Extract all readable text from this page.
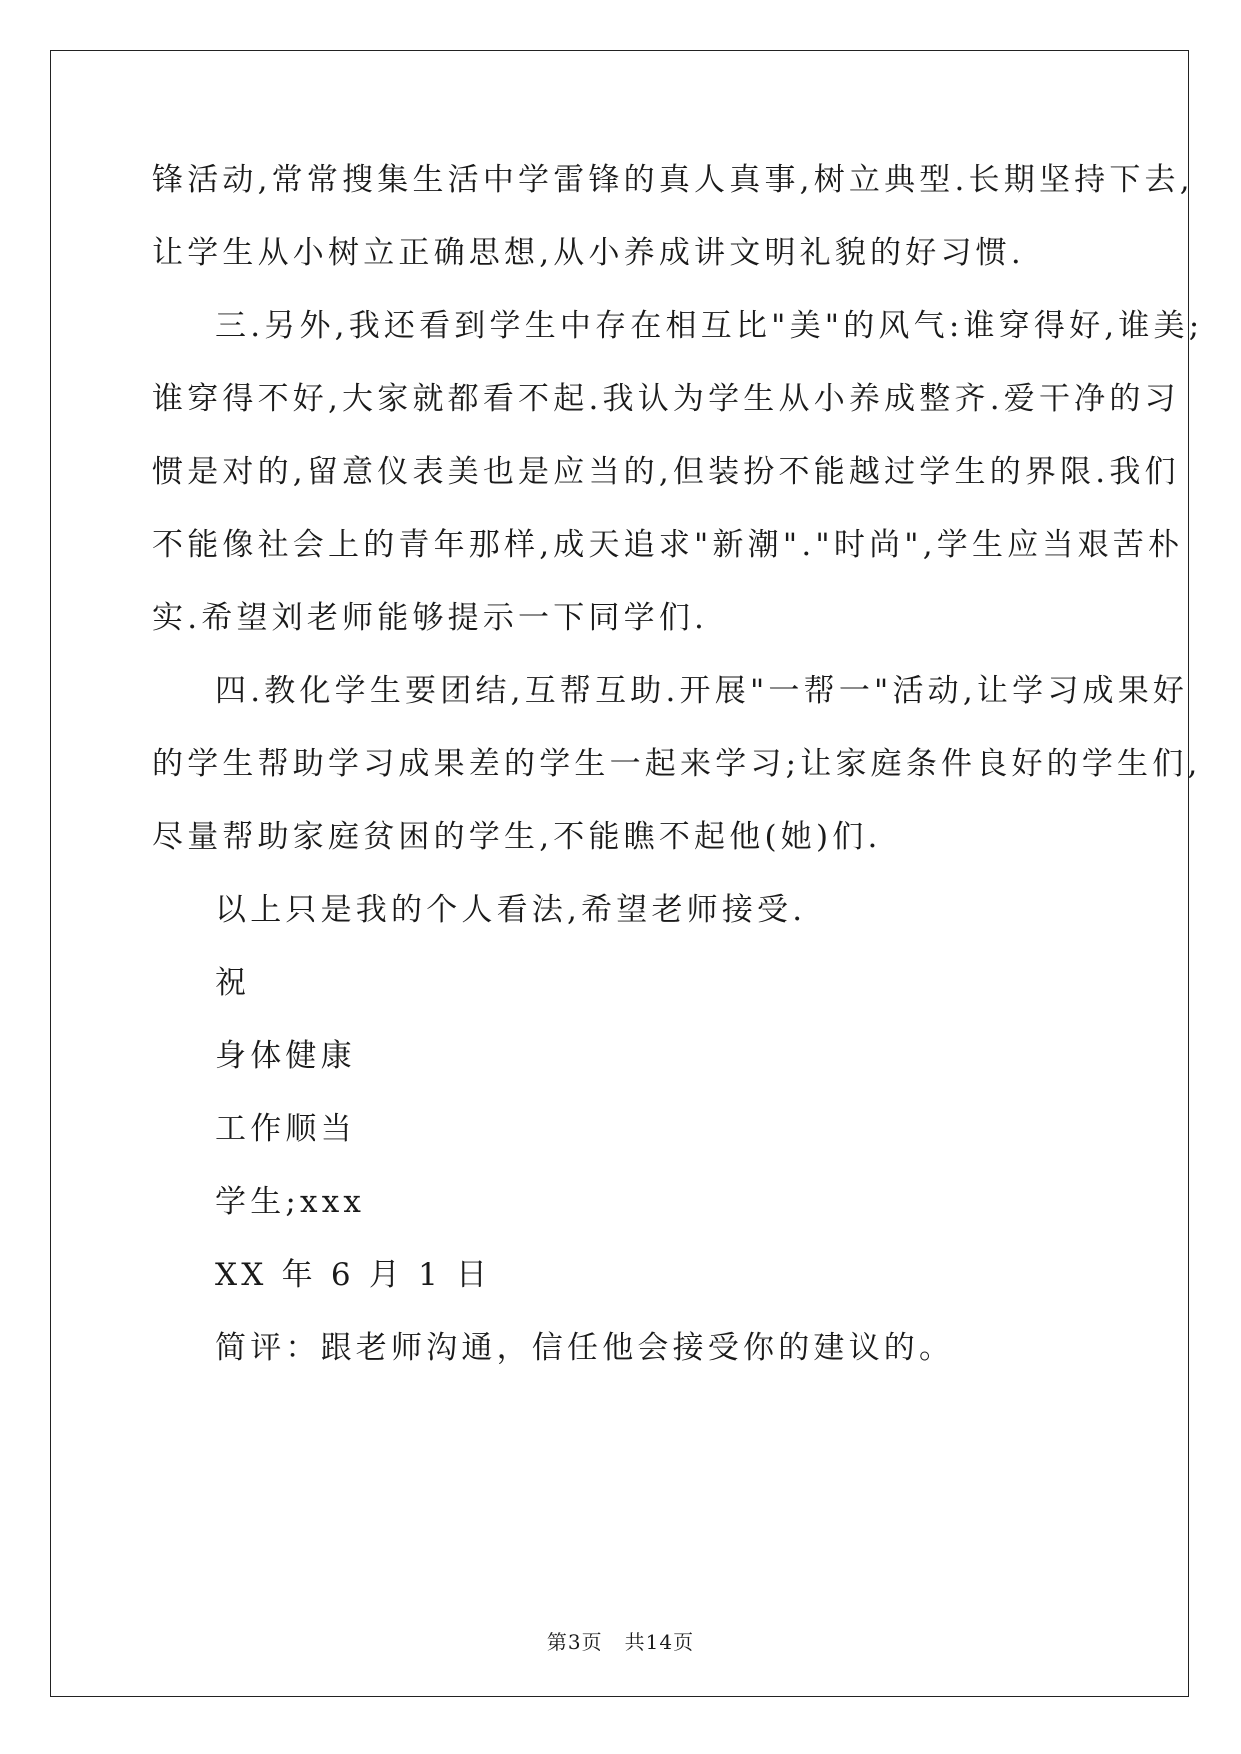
锋活动,常常搜集生活中学雷锋的真人真事,树立典型.长期坚持下去,
让学生从小树立正确思想,从小养成讲文明礼貌的好习惯.
三.另外,我还看到学生中存在相互比"美"的风气:谁穿得好,谁美;
谁穿得不好,大家就都看不起.我认为学生从小养成整齐.爱干净的习
惯是对的,留意仪表美也是应当的,但装扮不能越过学生的界限.我们
不能像社会上的青年那样,成天追求"新潮"."时尚",学生应当艰苦朴
实.希望刘老师能够提示一下同学们.
四.教化学生要团结,互帮互助.开展"一帮一"活动,让学习成果好
的学生帮助学习成果差的学生一起来学习;让家庭条件良好的学生们,
尽量帮助家庭贫困的学生,不能瞧不起他(她)们.
以上只是我的个人看法,希望老师接受.
祝
身体健康
工作顺当
学生;xxx
XX 年 6 月 1 日
简评：跟老师沟通，信任他会接受你的建议的。
第3页 共14页
